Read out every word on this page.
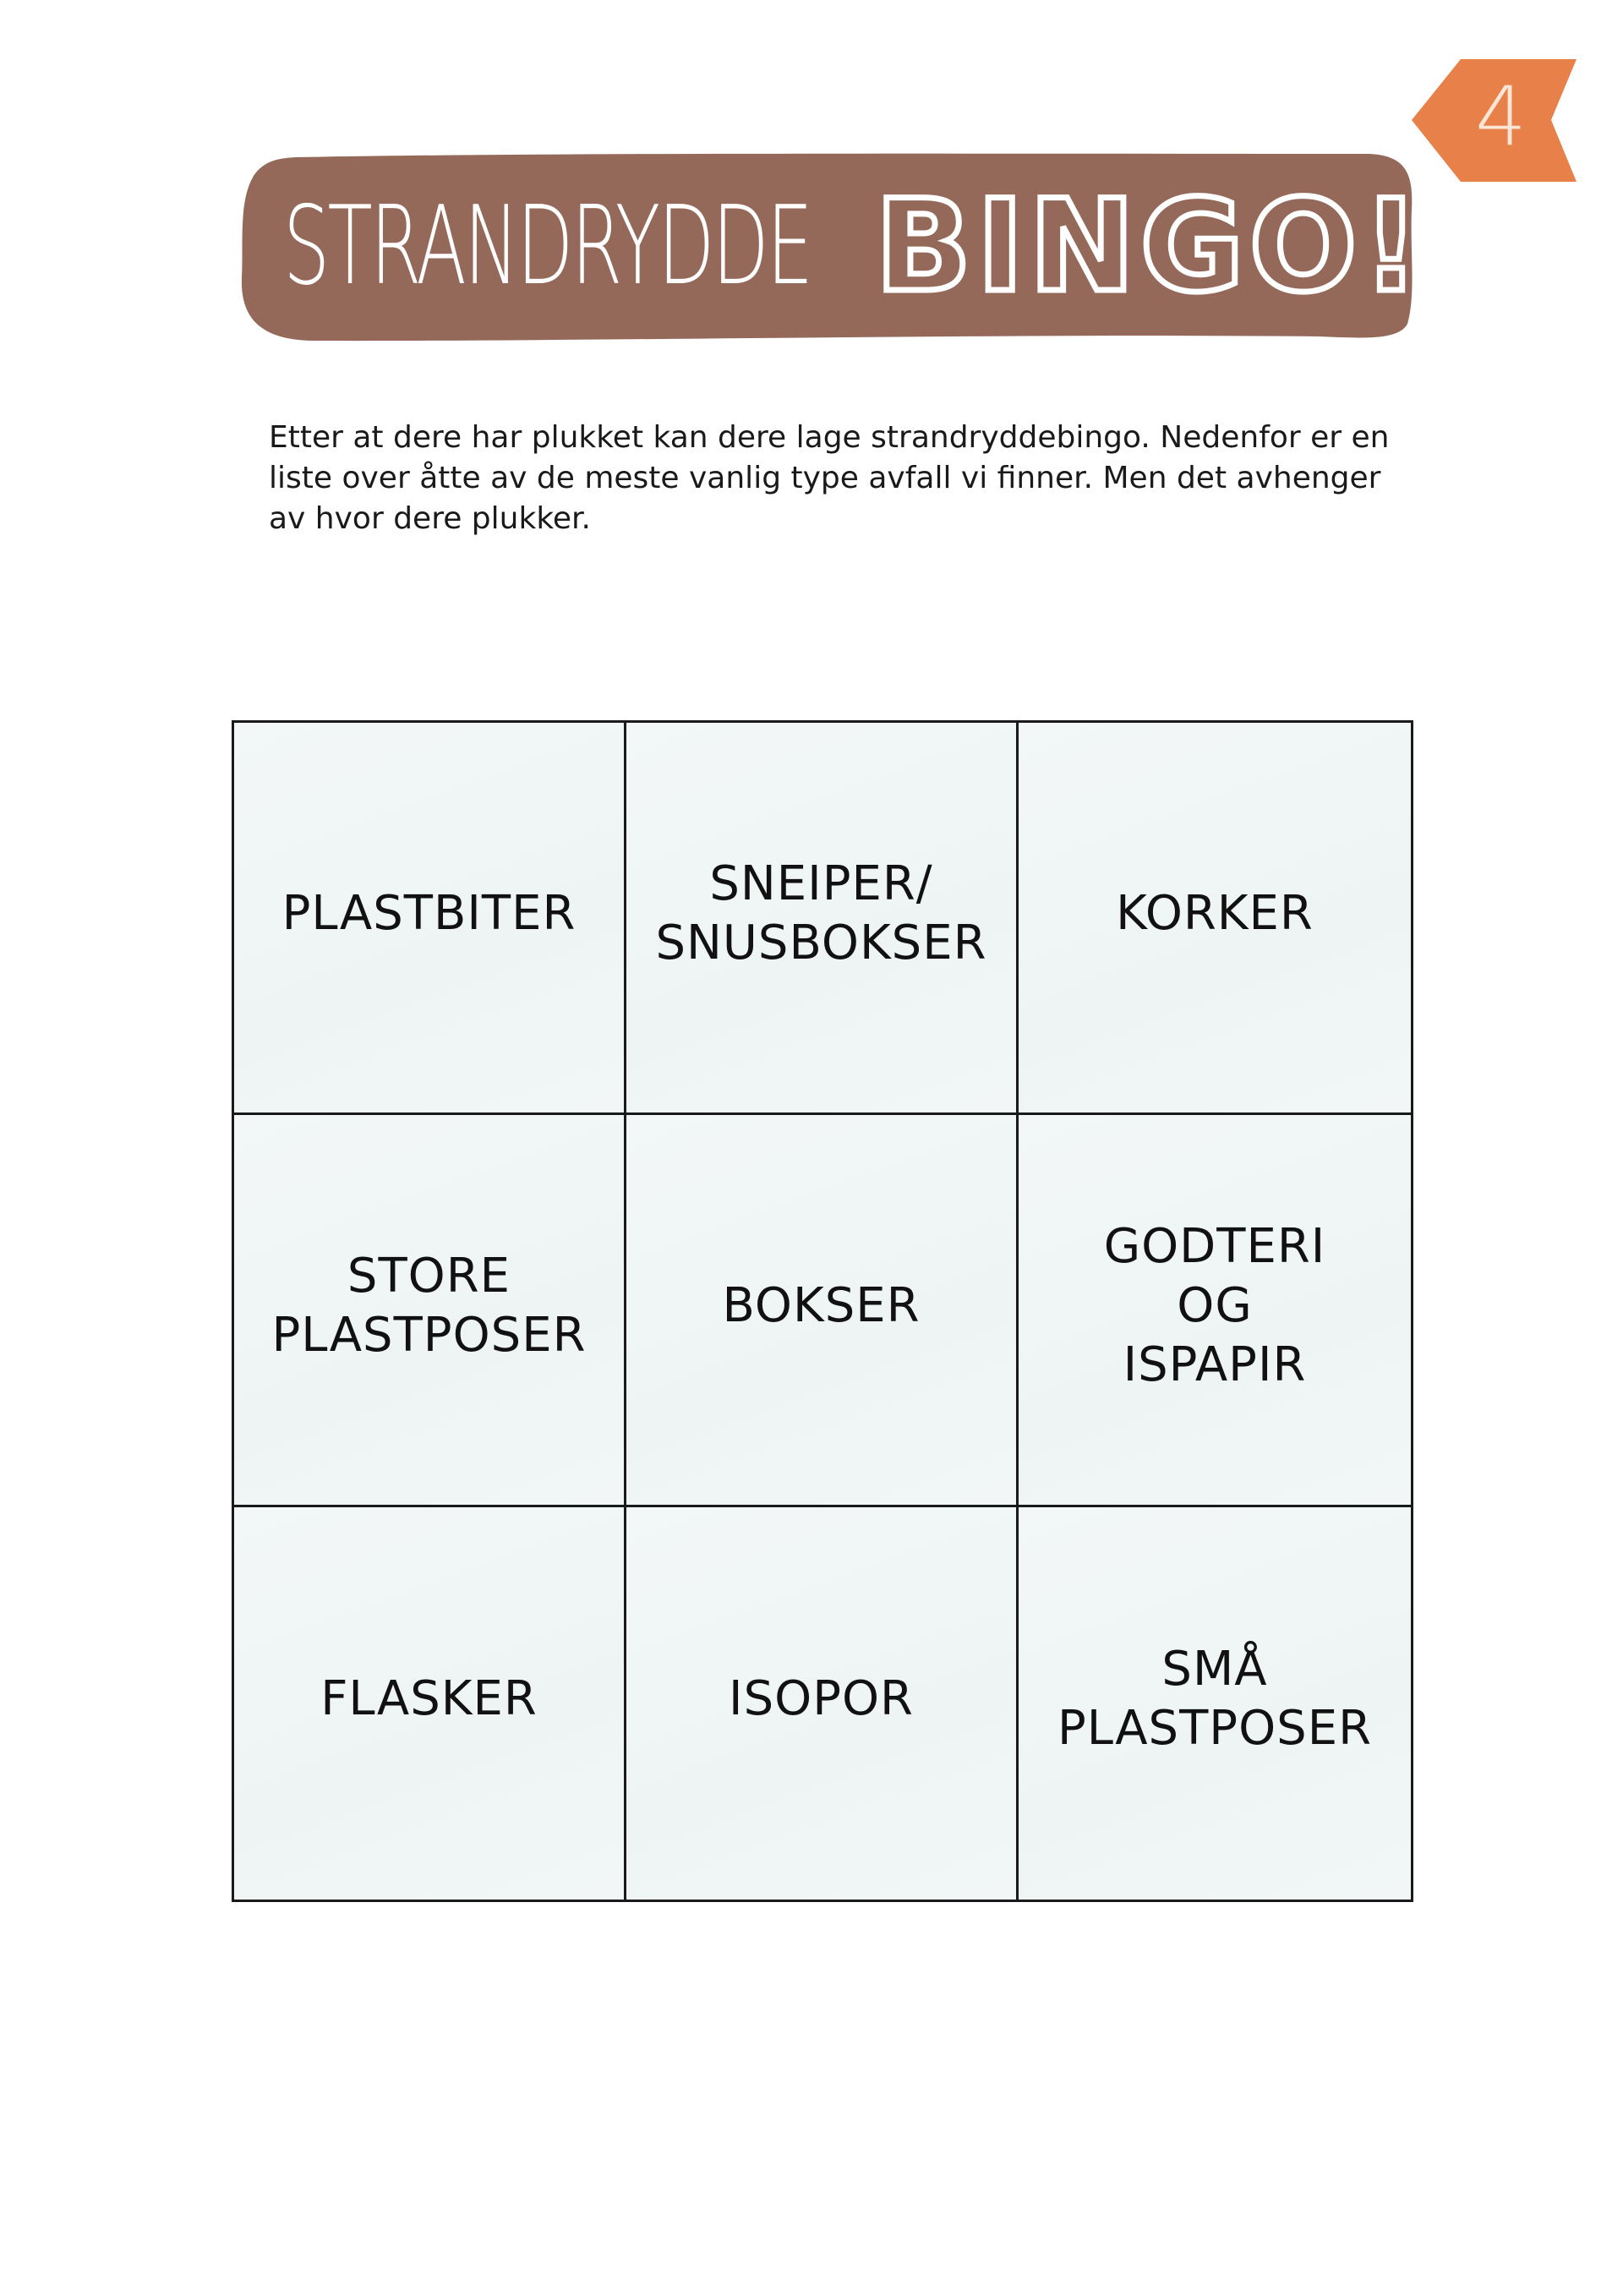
4
STRANDRYDDE BINGO!
Etter at dere har plukket kan dere lage strandryddebingo. Nedenfor er en liste over åtte av de meste vanlig type avfall vi finner. Men det avhenger av hvor dere plukker.
PLASTBITER
SNEIPER/
SNUSBOKSER
KORKER
STORE
PLASTPOSER
BOKSER
GODTERI
OG
ISPAPIR
FLASKER	ISOPOR
SMÅ
PLASTPOSER
